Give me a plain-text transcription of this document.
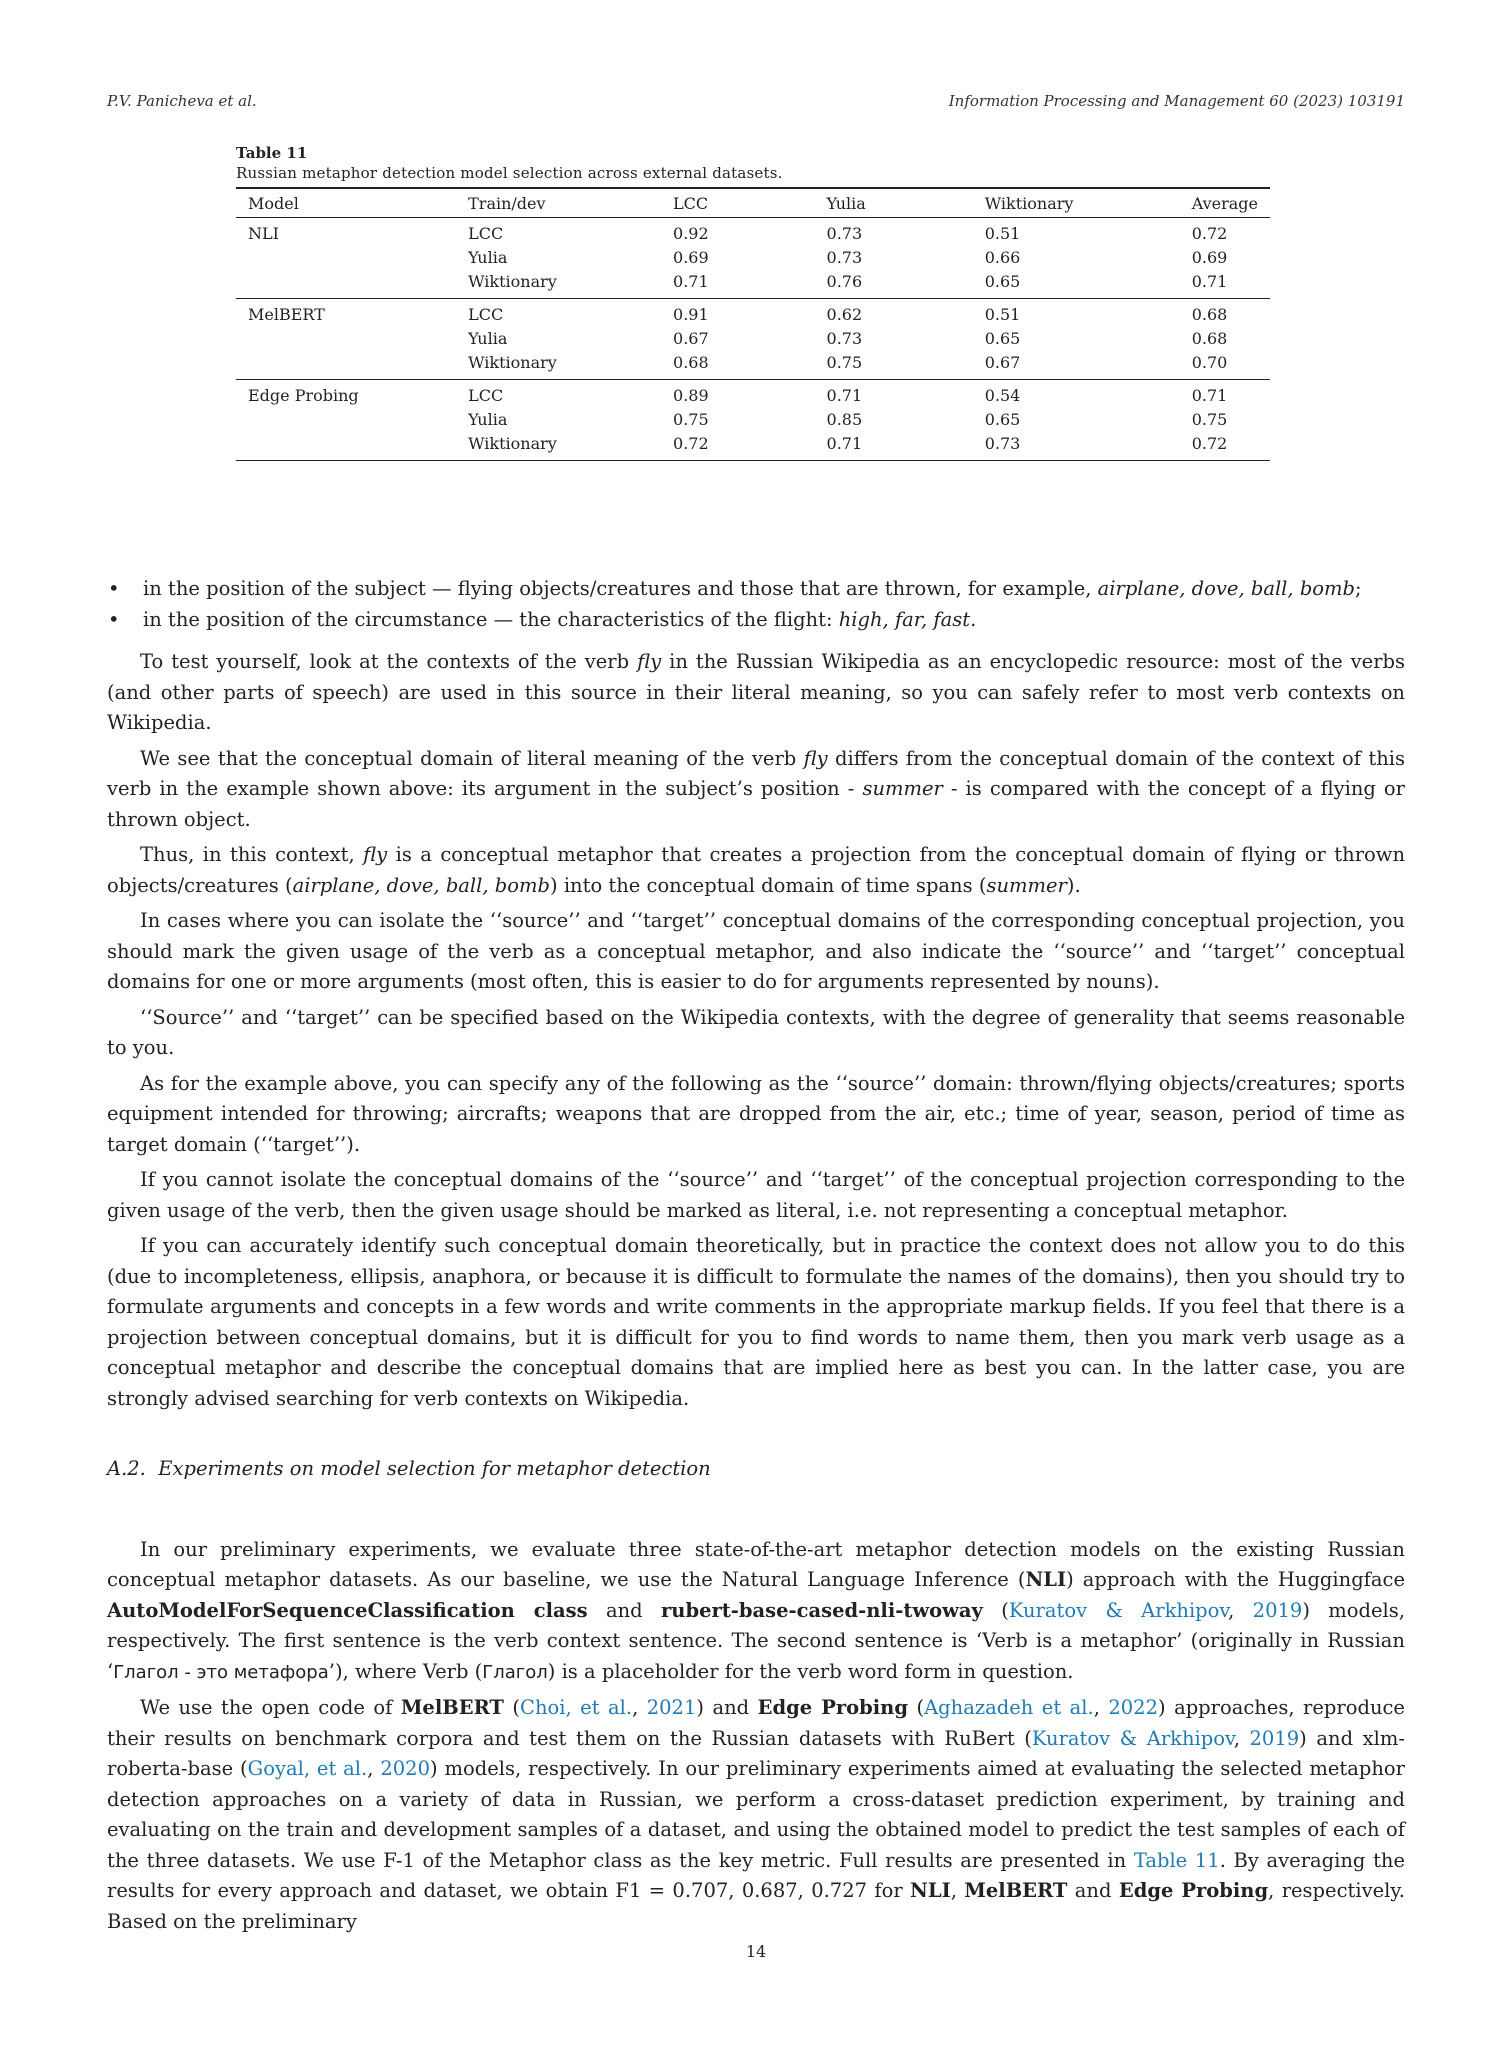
P.V. Panicheva et al.	Information Processing and Management 60 (2023) 103191

Table 11

Russian metaphor detection model selection across external datasets.

Model	Train/dev	LCC	Yulia	Wiktionary	Average
NLI	LCC	0.92	0.73	0.51	0.72
	Yulia	0.69	0.73	0.66	0.69
	Wiktionary	0.71	0.76	0.65	0.71
MelBERT	LCC	0.91	0.62	0.51	0.68
	Yulia	0.67	0.73	0.65	0.68
	Wiktionary	0.68	0.75	0.67	0.70
Edge Probing	LCC	0.89	0.71	0.54	0.71
	Yulia	0.75	0.85	0.65	0.75
	Wiktionary	0.72	0.71	0.73	0.72
• in the position of the subject — flying objects/creatures and those that are thrown, for example, airplane, dove, ball, bomb;
• in the position of the circumstance — the characteristics of the flight: high, far, fast.

To test yourself, look at the contexts of the verb fly in the Russian Wikipedia as an encyclopedic resource: most of the verbs (and other parts of speech) are used in this source in their literal meaning, so you can safely refer to most verb contexts on Wikipedia.

We see that the conceptual domain of literal meaning of the verb fly differs from the conceptual domain of the context of this verb in the example shown above: its argument in the subject’s position - summer - is compared with the concept of a flying or thrown object.

Thus, in this context, fly is a conceptual metaphor that creates a projection from the conceptual domain of flying or thrown objects/creatures (airplane, dove, ball, bomb) into the conceptual domain of time spans (summer).

In cases where you can isolate the ‘‘source’’ and ‘‘target’’ conceptual domains of the corresponding conceptual projection, you should mark the given usage of the verb as a conceptual metaphor, and also indicate the ‘‘source’’ and ‘‘target’’ conceptual domains for one or more arguments (most often, this is easier to do for arguments represented by nouns).

‘‘Source’’ and ‘‘target’’ can be specified based on the Wikipedia contexts, with the degree of generality that seems reasonable to you.

As for the example above, you can specify any of the following as the ‘‘source’’ domain: thrown/flying objects/creatures; sports equipment intended for throwing; aircrafts; weapons that are dropped from the air, etc.; time of year, season, period of time as target domain (‘‘target’’).

If you cannot isolate the conceptual domains of the ‘‘source’’ and ‘‘target’’ of the conceptual projection corresponding to the given usage of the verb, then the given usage should be marked as literal, i.e. not representing a conceptual metaphor.

If you can accurately identify such conceptual domain theoretically, but in practice the context does not allow you to do this (due to incompleteness, ellipsis, anaphora, or because it is difficult to formulate the names of the domains), then you should try to formulate arguments and concepts in a few words and write comments in the appropriate markup fields. If you feel that there is a projection between conceptual domains, but it is difficult for you to find words to name them, then you mark verb usage as a conceptual metaphor and describe the conceptual domains that are implied here as best you can. In the latter case, you are strongly advised searching for verb contexts on Wikipedia.

A.2. Experiments on model selection for metaphor detection

In our preliminary experiments, we evaluate three state-of-the-art metaphor detection models on the existing Russian conceptual metaphor datasets. As our baseline, we use the Natural Language Inference (NLI) approach with the Huggingface AutoModelForSequenceClassification class and rubert-base-cased-nli-twoway (Kuratov & Arkhipov, 2019) models, respectively. The first sentence is the verb context sentence. The second sentence is ‘Verb is a metaphor’ (originally in Russian ‘Глагол - это метафора’), where Verb (Глагол) is a placeholder for the verb word form in question.

We use the open code of MelBERT (Choi, et al., 2021) and Edge Probing (Aghazadeh et al., 2022) approaches, reproduce their results on benchmark corpora and test them on the Russian datasets with RuBert (Kuratov & Arkhipov, 2019) and xlm-roberta-base (Goyal, et al., 2020) models, respectively. In our preliminary experiments aimed at evaluating the selected metaphor detection approaches on a variety of data in Russian, we perform a cross-dataset prediction experiment, by training and evaluating on the train and development samples of a dataset, and using the obtained model to predict the test samples of each of the three datasets. We use F-1 of the Metaphor class as the key metric. Full results are presented in Table 11. By averaging the results for every approach and dataset, we obtain F1 = 0.707, 0.687, 0.727 for NLI, MelBERT and Edge Probing, respectively. Based on the preliminary

14
